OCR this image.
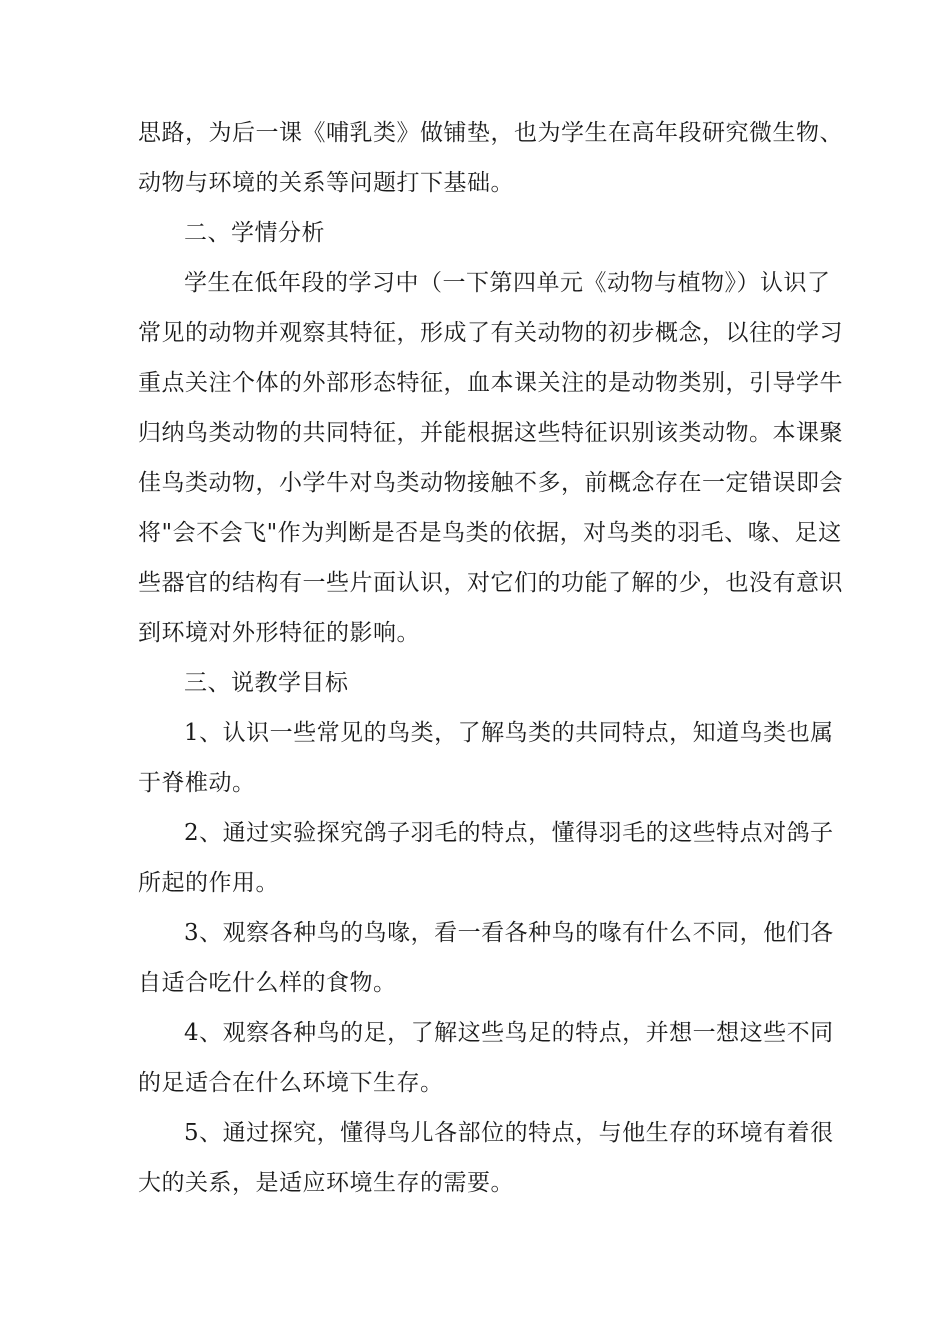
思路，为后一课《哺乳类》做铺垫，也为学生在高年段研究微生物、
动物与环境的关系等问题打下基础。

二、学情分析

学生在低年段的学习中（一下第四单元《动物与植物》）认识了
常见的动物并观察其特征，形成了有关动物的初步概念，以往的学习
重点关注个体的外部形态特征，血本课关注的是动物类别，引导学牛
归纳鸟类动物的共同特征，并能根据这些特征识别该类动物。本课聚
佳鸟类动物，小学牛对鸟类动物接触不多，前概念存在一定错误即会
将"会不会飞"作为判断是否是鸟类的依据，对鸟类的羽毛、喙、足这
些器官的结构有一些片面认识，对它们的功能了解的少，也没有意识
到环境对外形特征的影响。

三、说教学目标

1、认识一些常见的鸟类，了解鸟类的共同特点，知道鸟类也属
于脊椎动。

2、通过实验探究鸽子羽毛的特点，懂得羽毛的这些特点对鸽子
所起的作用。

3、观察各种鸟的鸟喙，看一看各种鸟的喙有什么不同，他们各
自适合吃什么样的食物。

4、观察各种鸟的足，了解这些鸟足的特点，并想一想这些不同
的足适合在什么环境下生存。

5、通过探究，懂得鸟儿各部位的特点，与他生存的环境有着很
大的关系，是适应环境生存的需要。
